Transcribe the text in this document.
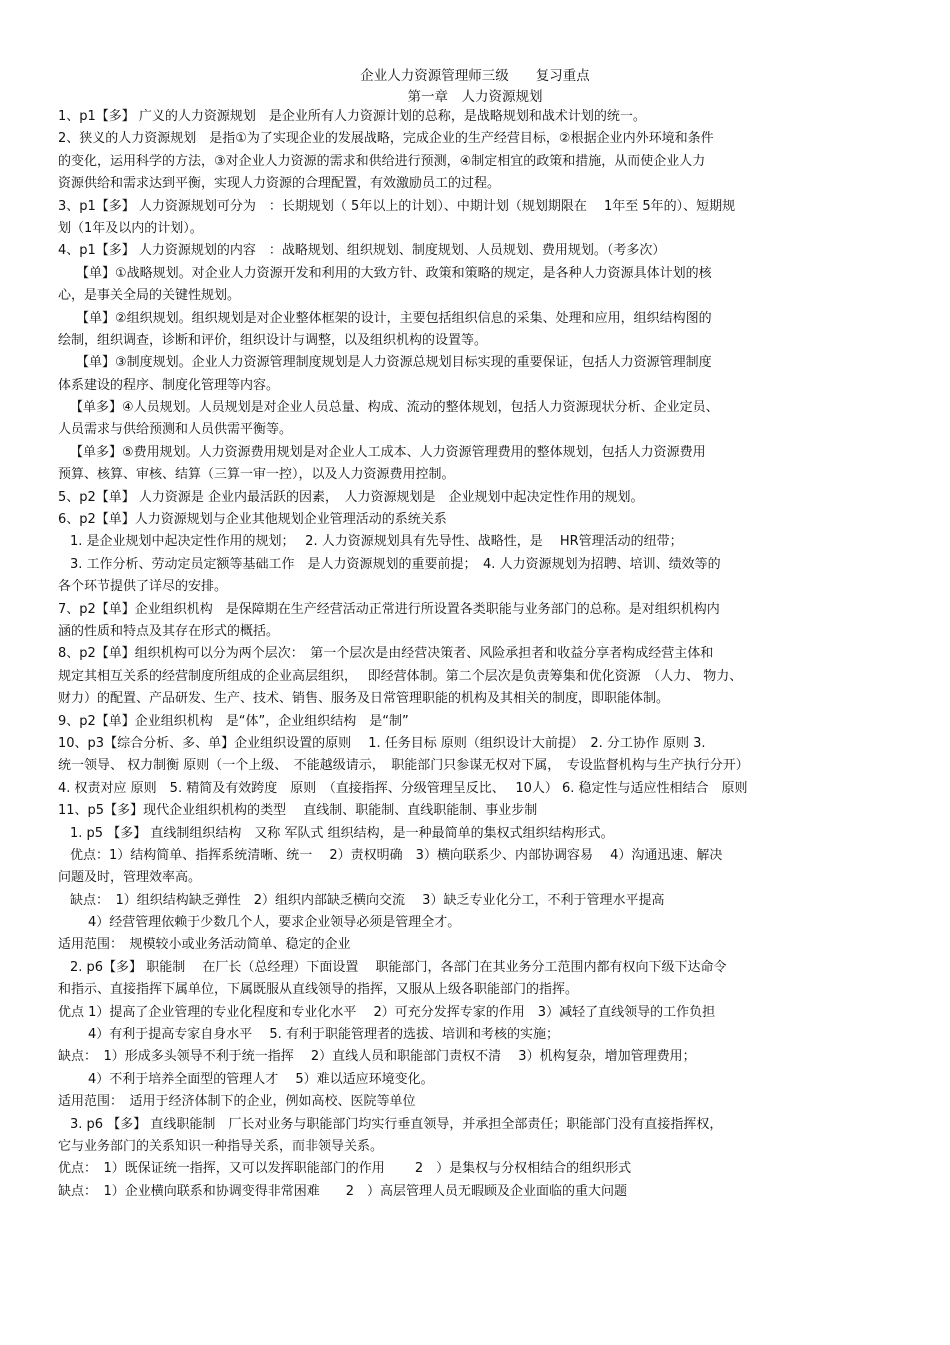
企业人力资源管理师三级　　复习重点
第一章　人力资源规划
1、p1【多】 广义的人力资源规划　是企业所有人力资源计划的总称，是战略规划和战术计划的统一。
2、狭义的人力资源规划　是指①为了实现企业的发展战略，完成企业的生产经营目标，②根据企业内外环境和条件
的变化，运用科学的方法，③对企业人力资源的需求和供给进行预测，④制定相宜的政策和措施，从而使企业人力
资源供给和需求达到平衡，实现人力资源的合理配置，有效激励员工的过程。
3、p1【多】 人力资源规划可分为　：长期规划（ 5年以上的计划）、中期计划（规划期限在　 1年至 5年的）、短期规
划（1年及以内的计划）。
4、p1【多】 人力资源规划的内容　：战略规划、组织规划、制度规划、人员规划、费用规划。（考多次）
【单】①战略规划。对企业人力资源开发和利用的大致方针、政策和策略的规定，是各种人力资源具体计划的核
心，是事关全局的关键性规划。
【单】②组织规划。组织规划是对企业整体框架的设计，主要包括组织信息的采集、处理和应用，组织结构图的
绘制，组织调查，诊断和评价，组织设计与调整，以及组织机构的设置等。
【单】③制度规划。企业人力资源管理制度规划是人力资源总规划目标实现的重要保证，包括人力资源管理制度
体系建设的程序、制度化管理等内容。
【单多】④人员规划。人员规划是对企业人员总量、构成、流动的整体规划，包括人力资源现状分析、企业定员、
人员需求与供给预测和人员供需平衡等。
【单多】⑤费用规划。人力资源费用规划是对企业人工成本、人力资源管理费用的整体规划，包括人力资源费用
预算、核算、审核、结算（三算一审一控），以及人力资源费用控制。
5、p2【单】 人力资源是 企业内最活跃的因素，　人力资源规划是　企业规划中起决定性作用的规划。
6、p2【单】人力资源规划与企业其他规划企业管理活动的系统关系
1. 是企业规划中起决定性作用的规划；　 2. 人力资源规划具有先导性、战略性，是　 HR管理活动的纽带；
3. 工作分析、劳动定员定额等基础工作　是人力资源规划的重要前提；　4. 人力资源规划为招聘、培训、绩效等的
各个环节提供了详尽的安排。
7、p2【单】企业组织机构　是保障期在生产经营活动正常进行所设置各类职能与业务部门的总称。是对组织机构内
涵的性质和特点及其存在形式的概括。
8、p2【单】组织机构可以分为两个层次：　第一个层次是由经营决策者、风险承担者和收益分享者构成经营主体和
规定其相互关系的经营制度所组成的企业高层组织，　 即经营体制。第二个层次是负责筹集和优化资源　（人力、 物力、
财力）的配置、产品研发、生产、技术、销售、服务及日常管理职能的机构及其相关的制度，即职能体制。
9、p2【单】企业组织机构　是“体”，企业组织结构　是“制”
10、p3【综合分析、多、单】企业组织设置的原则　 1. 任务目标 原则（组织设计大前提）　2. 分工协作 原则 3.
统一领导、 权力制衡 原则（一个上级、　不能越级请示，　职能部门只参谋无权对下属，　专设监督机构与生产执行分开）
4. 权责对应 原则　5. 精简及有效跨度　原则　（直接指挥、分级管理呈反比、　 10人） 6. 稳定性与适应性相结合　原则
11、p5【多】现代企业组织机构的类型　 直线制、职能制、直线职能制、事业步制
1. p5 【多】 直线制组织结构　又称 军队式 组织结构，是一种最简单的集权式组织结构形式。
优点：1）结构简单、指挥系统清晰、统一　 2）责权明确　3）横向联系少、内部协调容易　 4）沟通迅速、解决
问题及时，管理效率高。
缺点：　1）组织结构缺乏弹性　2）组织内部缺乏横向交流　 3）缺乏专业化分工，不利于管理水平提高
4）经营管理依赖于少数几个人，要求企业领导必须是管理全才。
适用范围：　规模较小或业务活动简单、稳定的企业
2. p6【多】 职能制　 在厂长（总经理）下面设置　 职能部门，各部门在其业务分工范围内都有权向下级下达命令
和指示、直接指挥下属单位，下属既服从直线领导的指挥，又服从上级各职能部门的指挥。
优点 1）提高了企业管理的专业化程度和专业化水平　 2）可充分发挥专家的作用　3）减轻了直线领导的工作负担
4）有利于提高专家自身水平　 5. 有利于职能管理者的选拔、培训和考核的实施；
缺点：　1）形成多头领导不利于统一指挥　 2）直线人员和职能部门责权不清　 3）机构复杂，增加管理费用；
4）不利于培养全面型的管理人才　 5）难以适应环境变化。
适用范围：　适用于经济体制下的企业，例如高校、医院等单位
3. p6 【多】 直线职能制　厂长对业务与职能部门均实行垂直领导，并承担全部责任；职能部门没有直接指挥权，
它与业务部门的关系知识一种指导关系，而非领导关系。
优点：　1）既保证统一指挥，又可以发挥职能部门的作用　　 2　）是集权与分权相结合的组织形式
缺点：　1）企业横向联系和协调变得非常困难　　2　）高层管理人员无暇顾及企业面临的重大问题
